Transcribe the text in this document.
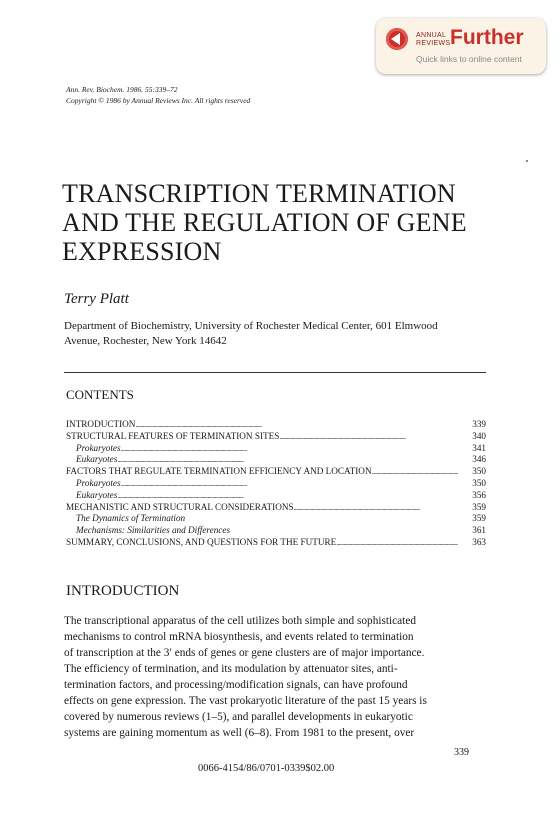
ANNUAL
REVIEWS Further
Quick links to online content
Ann. Rev. Biochem. 1986. 55:339–72
Copyright © 1986 by Annual Reviews Inc. All rights reserved
TRANSCRIPTION TERMINATION
AND THE REGULATION OF GENE
EXPRESSION
Terry Platt
Department of Biochemistry, University of Rochester Medical Center, 601 Elmwood
Avenue, Rochester, New York 14642
CONTENTS
INTRODUCTION . . .	339
STRUCTURAL FEATURES OF TERMINATION SITES . . .	340
Prokaryotes . . .	341
Eukaryotes . . .	346
FACTORS THAT REGULATE TERMINATION EFFICIENCY AND LOCATION . . .	350
Prokaryotes . . .	350
Eukaryotes . . .	356
MECHANISTIC AND STRUCTURAL CONSIDERATIONS . . .	359
The Dynamics of Termination	359
Mechanisms: Similarities and Differences	361
SUMMARY, CONCLUSIONS, AND QUESTIONS FOR THE FUTURE . . .	363
INTRODUCTION
The transcriptional apparatus of the cell utilizes both simple and sophisticated
mechanisms to control mRNA biosynthesis, and events related to termination
of transcription at the 3′ ends of genes or gene clusters are of major importance.
The efficiency of termination, and its modulation by attenuator sites, anti-
termination factors, and processing/modification signals, can have profound
effects on gene expression. The vast prokaryotic literature of the past 15 years is
covered by numerous reviews (1–5), and parallel developments in eukaryotic
systems are gaining momentum as well (6–8). From 1981 to the present, over
339
0066-4154/86/0701-0339$02.00
